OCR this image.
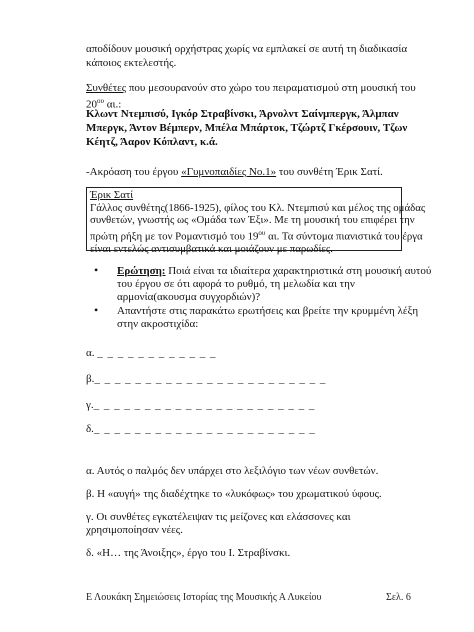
αποδίδουν μουσική ορχήστρας χωρίς να εμπλακεί σε αυτή τη διαδικασία
κάποιος εκτελεστής.
Συνθέτες που μεσουρανούν στο χώρο του πειραματισμού στη μουσική του
$20^{o\upsilon}$ αι.:
Κλωντ Ντεμπισύ, Ιγκόρ Στραβίνσκι, Άρνολντ Σαίνμπεργκ, Άλμπαν
Μπεργκ, Άντον Βέμπερν, Μπέλα Μπάρτοκ, Τζώρτζ Γκέρσουιν, Τζων
Κέητζ, Άαρον Κόπλαντ, κ.ά.
-Ακρόαση του έργου «Γυμνοπαιδίες Νο.1» του συνθέτη Έρικ Σατί.
Έρικ Σατί
Γάλλος συνθέτης(1866-1925), φίλος του Κλ. Ντεμπισύ και μέλος της ομάδας
συνθετών, γνωστής ως «Ομάδα των Έξι». Με τη μουσική του επιφέρει την
πρώτη ρήξη με τον Ρομαντισμό του $19^{o\upsilon}$ αι. Τα σύντομα πιανιστικά του έργα
είναι εντελώς αντισυμβατικά και μοιάζουν με παρωδίες.
• Ερώτηση: Ποιά είναι τα ιδιαίτερα χαρακτηριστικά στη μουσική αυτού
του έργου σε ότι αφορά το ρυθμό, τη μελωδία και την
αρμονία(ακουσμα συγχορδιών)?
• Απαντήστε στις παρακάτω ερωτήσεις και βρείτε την κρυμμένη λέξη
στην ακροστιχίδα:
α. _ _ _ _ _ _ _ _ _ _ _ _
β._ _ _ _ _ _ _ _ _ _ _ _ _ _ _ _ _ _ _ _ _ _ _
γ._ _ _ _ _ _ _ _ _ _ _ _ _ _ _ _ _ _ _ _ _ _
δ._ _ _ _ _ _ _ _ _ _ _ _ _ _ _ _ _ _ _ _ _ _
α. Αυτός ο παλμός δεν υπάρχει στο λεξιλόγιο των νέων συνθετών.
β. Η «αυγή» της διαδέχτηκε το «λυκόφως» του χρωματικού ύφους.
γ. Οι συνθέτες εγκατέλειψαν τις μείζονες και ελάσσονες και
χρησιμοποίησαν νέες.
δ. «Η… της Άνοιξης», έργο του Ι. Στραβίνσκι.
Ε Λουκάκη Σημειώσεις Ιστορίας της Μουσικής Α Λυκείου	Σελ. 6
